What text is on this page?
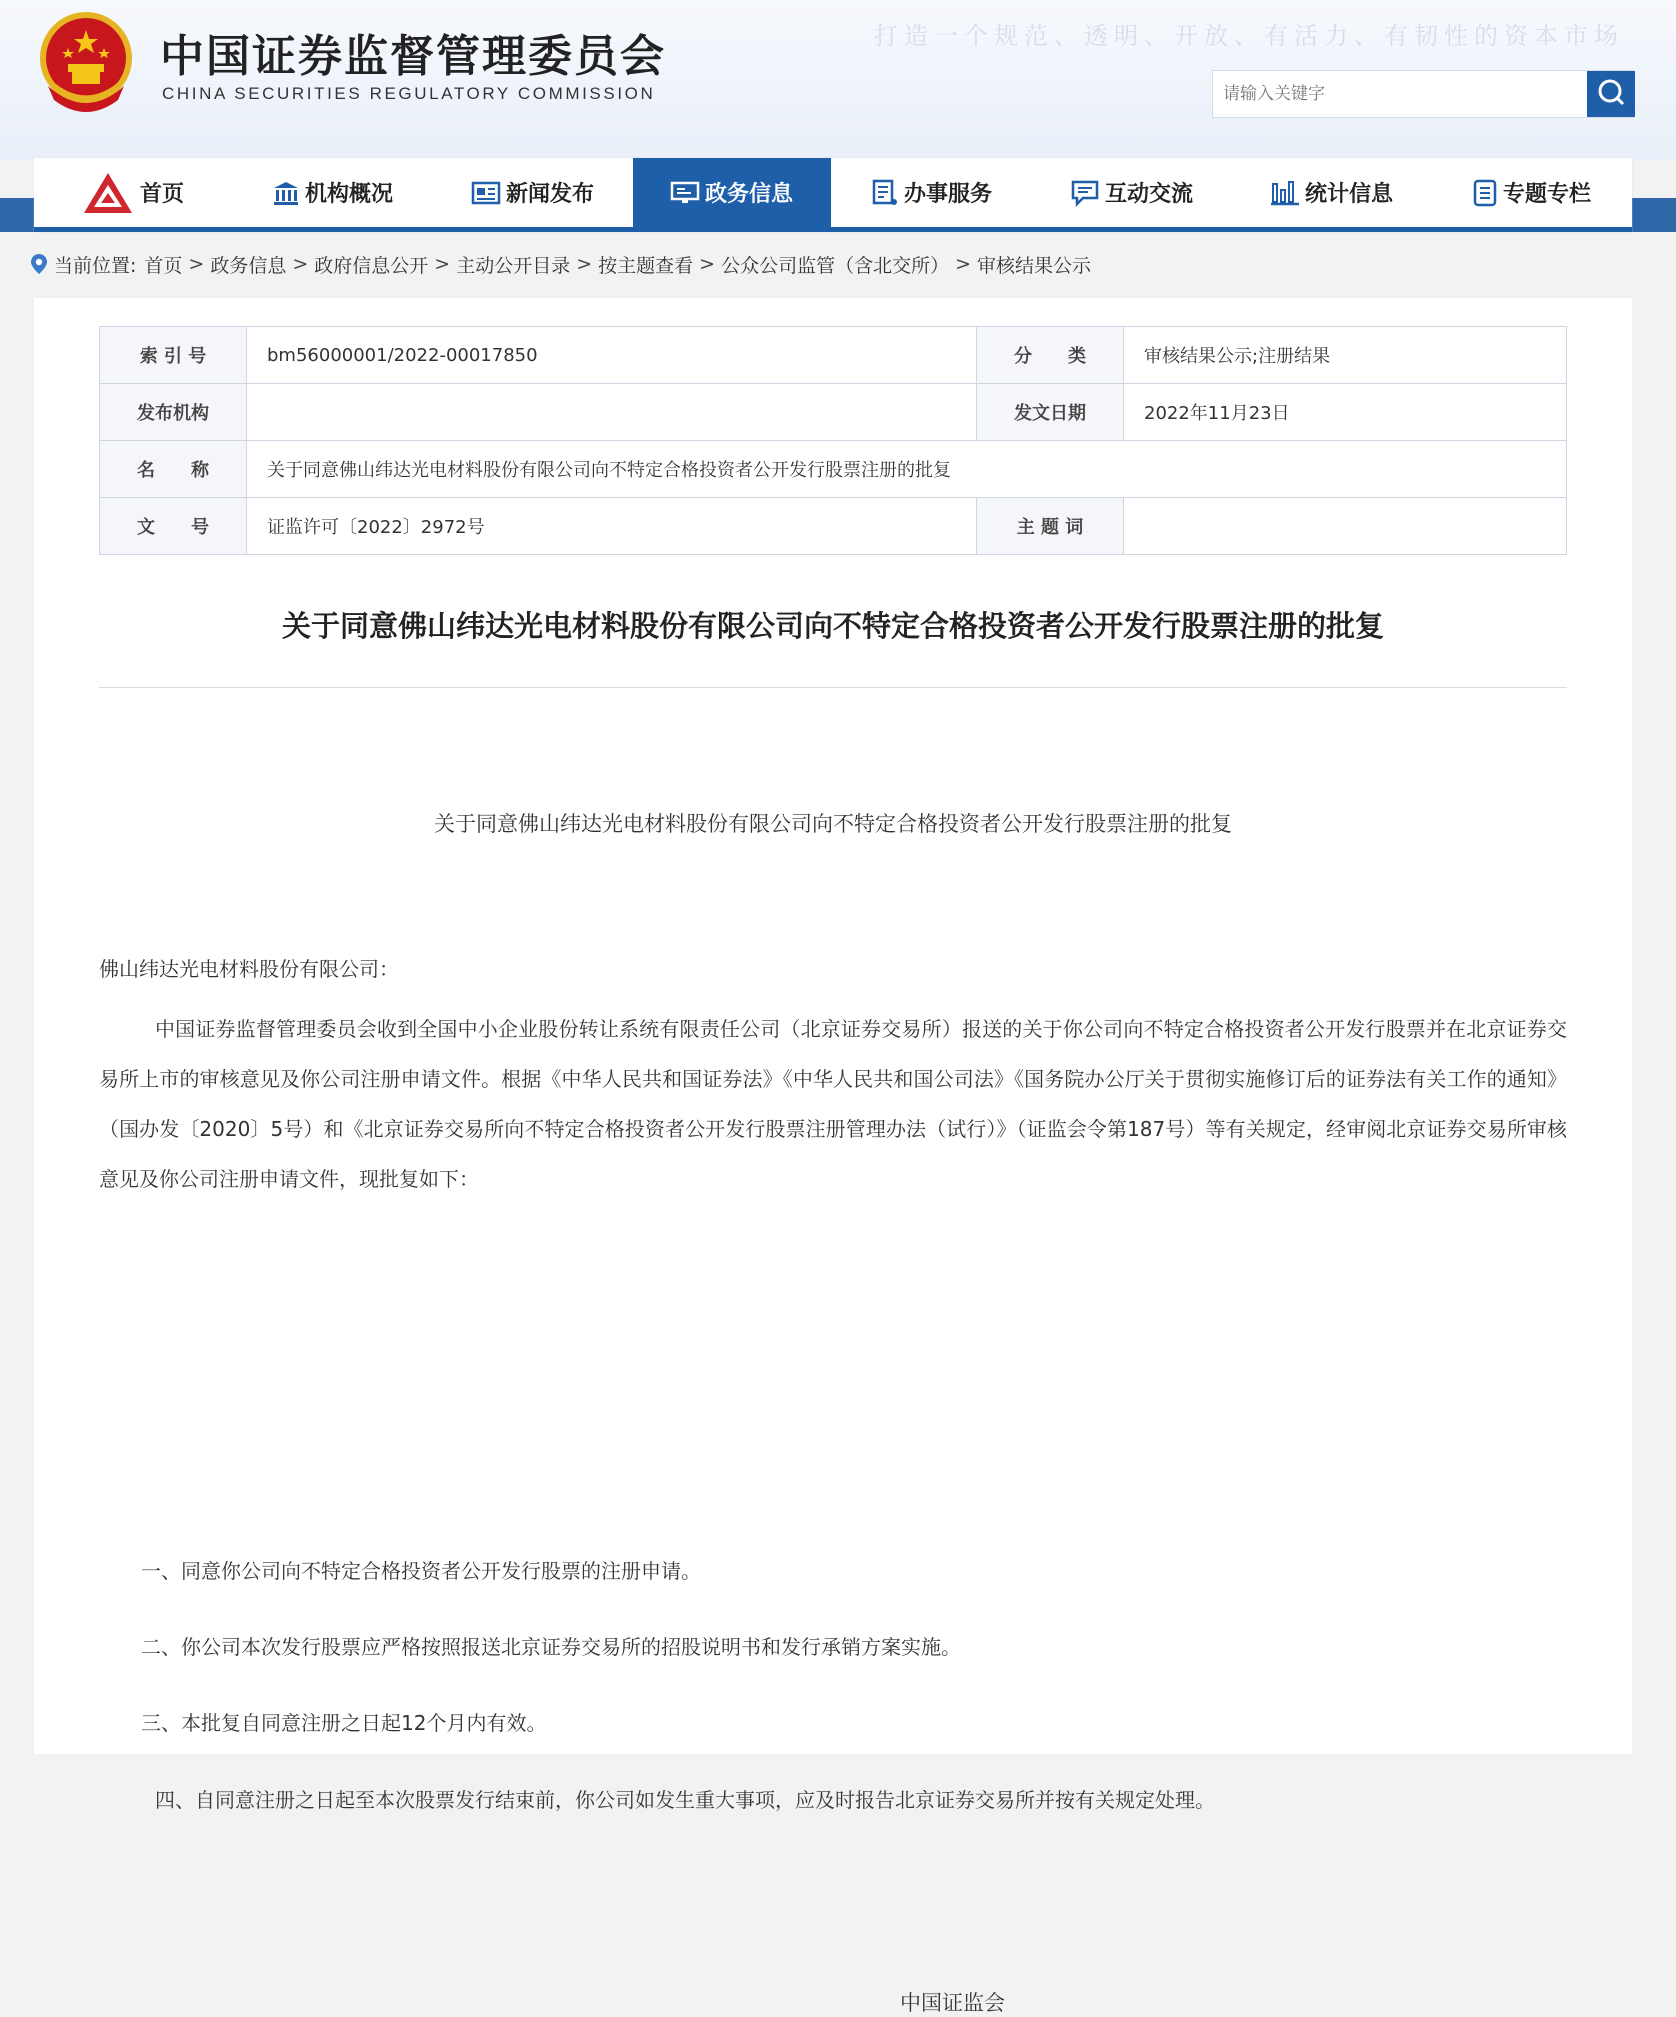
中国证券监督管理委员会
CHINA SECURITIES REGULATORY COMMISSION
打造一个规范、透明、开放、有活力、有韧性的资本市场
请输入关键字
首页	机构概况	新闻发布	政务信息	办事服务	互动交流	统计信息	专题专栏
当前位置: 首页 > 政务信息 > 政府信息公开 > 主动公开目录 > 按主题查看 > 公众公司监管（含北交所） > 审核结果公示
索 引 号	bm56000001/2022-00017850	分　　类	审核结果公示;注册结果
发布机构		发文日期	2022年11月23日
名　　称	关于同意佛山纬达光电材料股份有限公司向不特定合格投资者公开发行股票注册的批复		
文　　号	证监许可〔2022〕2972号	主 题 词	
关于同意佛山纬达光电材料股份有限公司向不特定合格投资者公开发行股票注册的批复
关于同意佛山纬达光电材料股份有限公司向不特定合格投资者公开发行股票注册的批复
佛山纬达光电材料股份有限公司：
中国证券监督管理委员会收到全国中小企业股份转让系统有限责任公司（北京证券交易所）报送的关于你公司向不特定合格投资者公开发行股票并在北京证券交易所上市的审核意见及你公司注册申请文件。根据《中华人民共和国证券法》《中华人民共和国公司法》《国务院办公厅关于贯彻实施修订后的证券法有关工作的通知》（国办发〔2020〕5号）和《北京证券交易所向不特定合格投资者公开发行股票注册管理办法（试行）》（证监会令第187号）等有关规定，经审阅北京证券交易所审核意见及你公司注册申请文件，现批复如下：
一、同意你公司向不特定合格投资者公开发行股票的注册申请。
二、你公司本次发行股票应严格按照报送北京证券交易所的招股说明书和发行承销方案实施。
三、本批复自同意注册之日起12个月内有效。
四、自同意注册之日起至本次股票发行结束前，你公司如发生重大事项，应及时报告北京证券交易所并按有关规定处理。
中国证监会
